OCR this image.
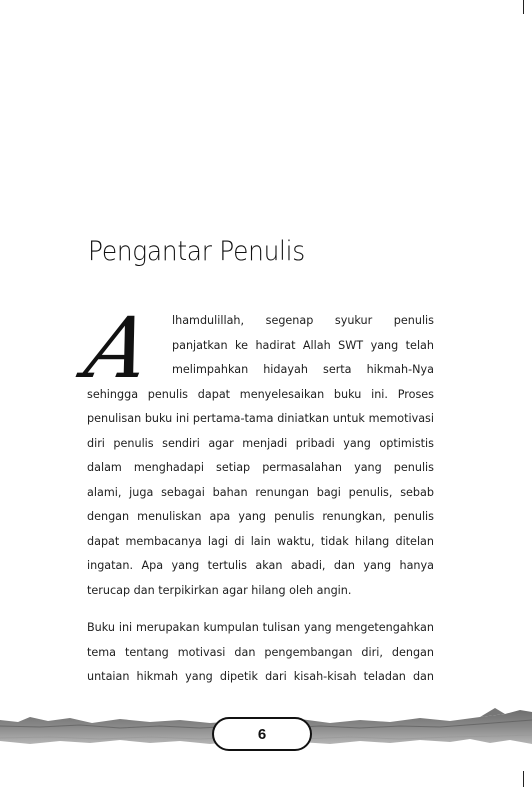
Pengantar Penulis
A	lhamdulillah, segenap syukur penulis
panjatkan ke hadirat Allah SWT yang telah
melimpahkan hidayah serta hikmah-Nya
sehingga penulis dapat menyelesaikan buku ini. Proses
penulisan buku ini pertama-tama diniatkan untuk memotivasi
diri penulis sendiri agar menjadi pribadi yang optimistis
dalam menghadapi setiap permasalahan yang penulis
alami, juga sebagai bahan renungan bagi penulis, sebab
dengan menuliskan apa yang penulis renungkan, penulis
dapat membacanya lagi di lain waktu, tidak hilang ditelan
ingatan. Apa yang tertulis akan abadi, dan yang hanya
terucap dan terpikirkan agar hilang oleh angin.
Buku ini merupakan kumpulan tulisan yang mengetengahkan
tema tentang motivasi dan pengembangan diri, dengan
untaian hikmah yang dipetik dari kisah-kisah teladan dan
6
